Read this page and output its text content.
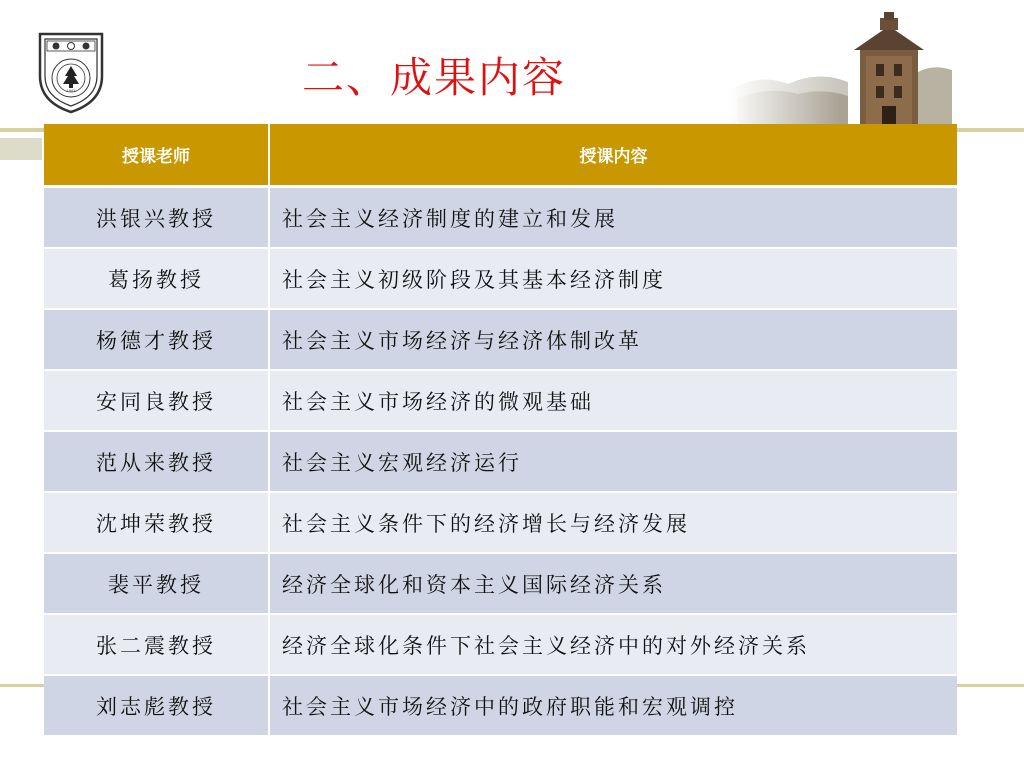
1902	二、成果内容
授课老师	授课内容
洪银兴教授	社会主义经济制度的建立和发展
葛扬教授	社会主义初级阶段及其基本经济制度
杨德才教授	社会主义市场经济与经济体制改革
安同良教授	社会主义市场经济的微观基础
范从来教授	社会主义宏观经济运行
沈坤荣教授	社会主义条件下的经济增长与经济发展
裴平教授	经济全球化和资本主义国际经济关系
张二震教授	经济全球化条件下社会主义经济中的对外经济关系
刘志彪教授	社会主义市场经济中的政府职能和宏观调控
